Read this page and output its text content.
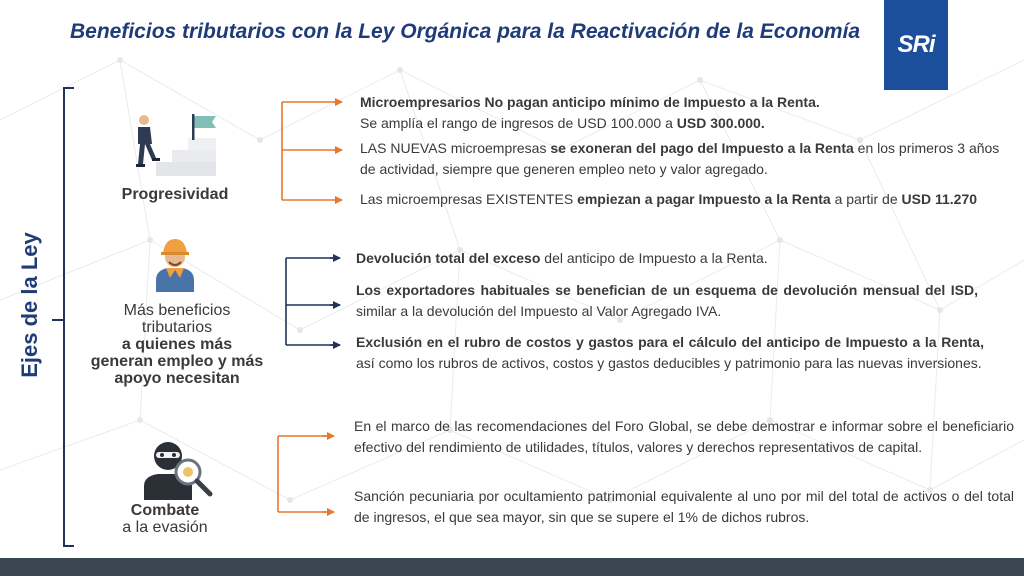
Beneficios tributarios con la Ley Orgánica para la Reactivación de la Economía SRi
Ejes de la Ley
Progresividad
Más beneficios
tributarios
a quienes más
generan empleo y más
apoyo necesitan
Combate
a la evasión
Microempresarios No pagan anticipo mínimo de Impuesto a la Renta.
Se amplía el rango de ingresos de USD 100.000 a USD 300.000.
LAS NUEVAS microempresas se exoneran del pago del Impuesto a la Renta en los primeros 3 años de actividad, siempre que generen empleo neto y valor agregado.
Las microempresas EXISTENTES empiezan a pagar Impuesto a la Renta a partir de USD 11.270
Devolución total del exceso del anticipo de Impuesto a la Renta.
Los exportadores habituales se benefician de un esquema de devolución mensual del ISD, similar a la devolución del Impuesto al Valor Agregado IVA.
Exclusión en el rubro de costos y gastos para el cálculo del anticipo de Impuesto a la Renta, así como los rubros de activos, costos y gastos deducibles y patrimonio para las nuevas inversiones.
En el marco de las recomendaciones del Foro Global, se debe demostrar e informar sobre el beneficiario efectivo del rendimiento de utilidades, títulos, valores y derechos representativos de capital.
Sanción pecuniaria por ocultamiento patrimonial equivalente al uno por mil del total de activos o del total de ingresos, el que sea mayor, sin que se supere el 1% de dichos rubros.
